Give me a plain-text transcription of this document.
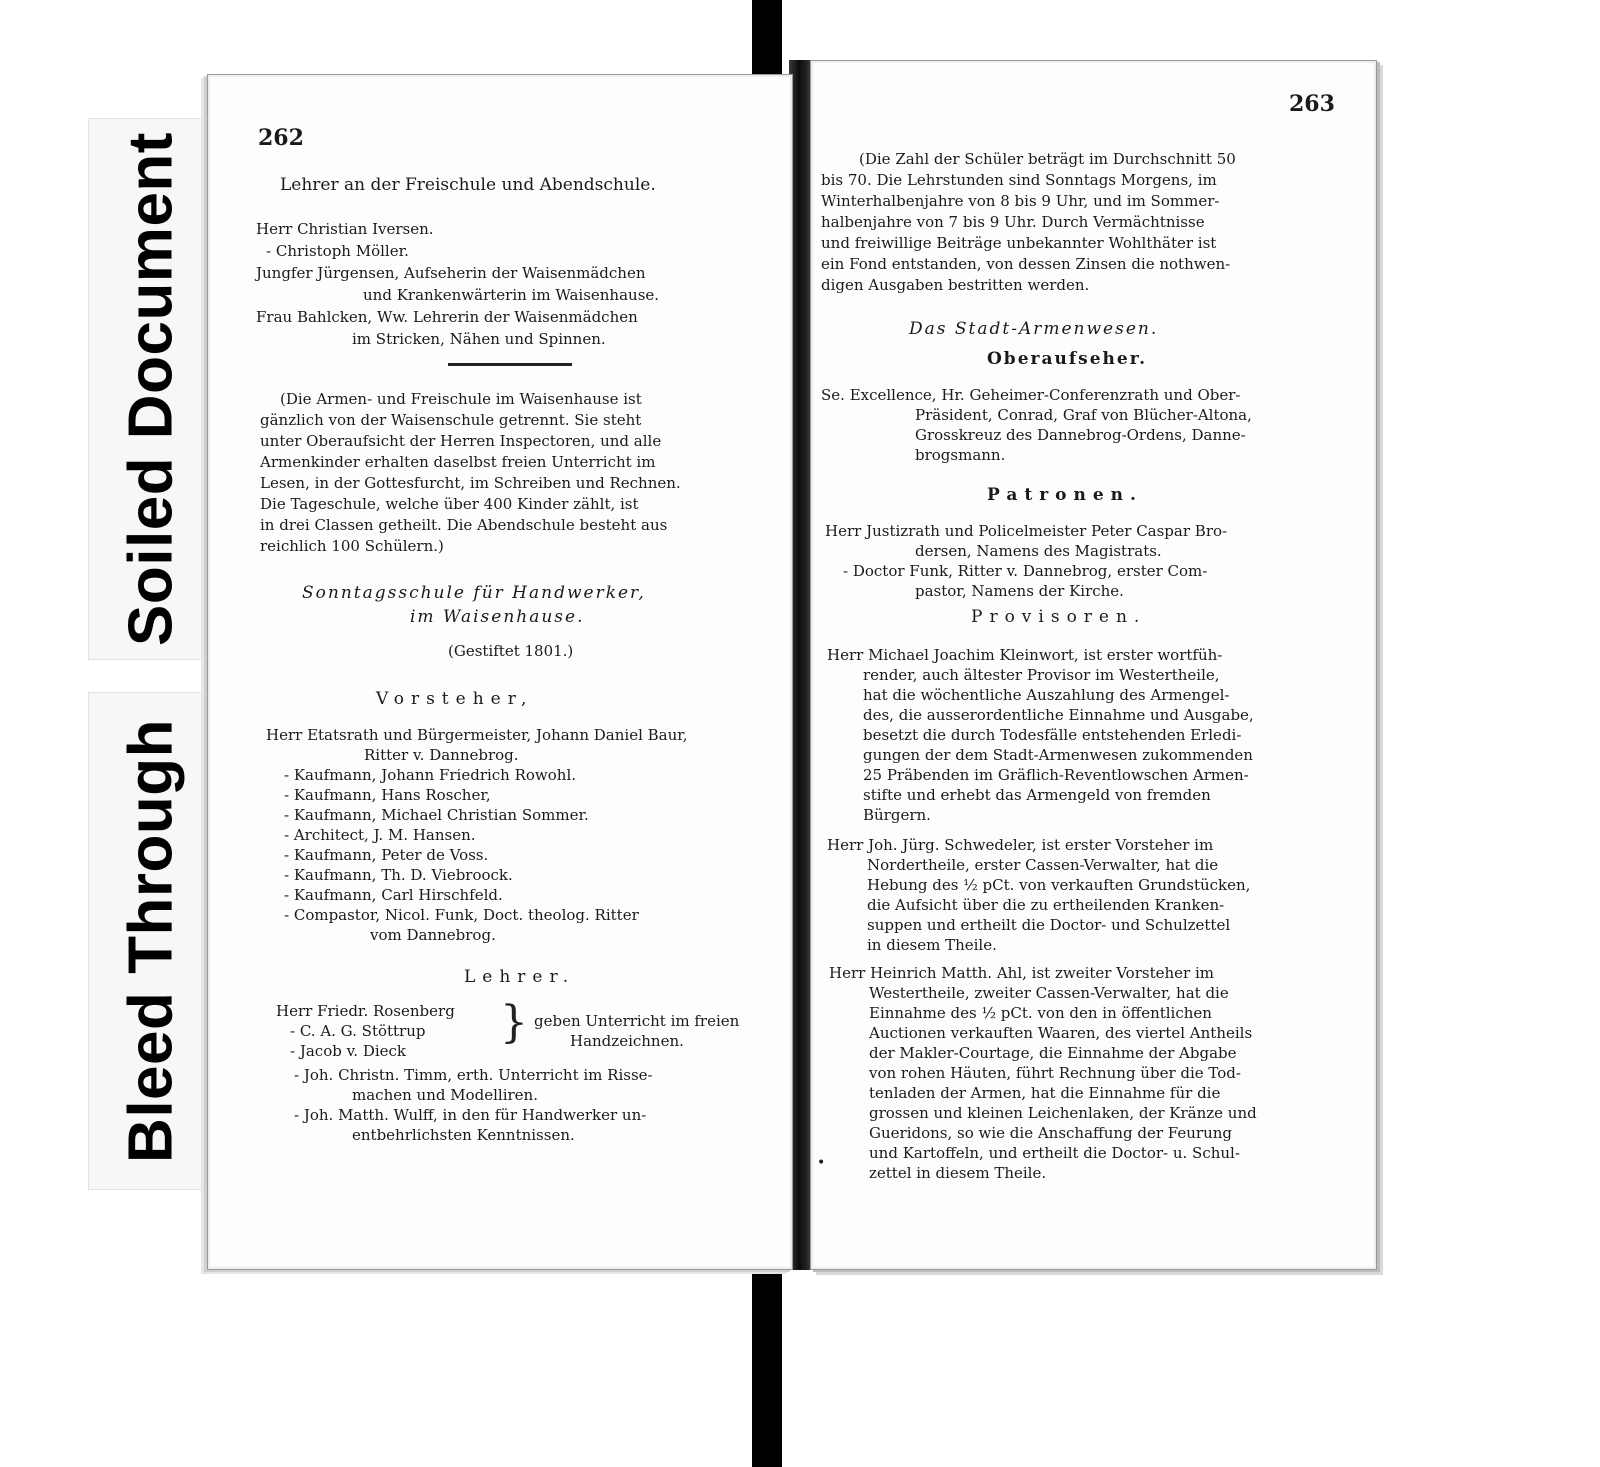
Soiled Document
Bleed Through
262
Lehrer an der Freischule und Abendschule.
Herr Christian Iversen.
- Christoph Möller.
Jungfer Jürgensen, Aufseherin der Waisenmädchen
und Krankenwärterin im Waisenhause.
Frau Bahlcken, Ww. Lehrerin der Waisenmädchen
im Stricken, Nähen und Spinnen.
(Die Armen- und Freischule im Waisenhause ist
gänzlich von der Waisenschule getrennt. Sie steht
unter Oberaufsicht der Herren Inspectoren, und alle
Armenkinder erhalten daselbst freien Unterricht im
Lesen, in der Gottesfurcht, im Schreiben und Rechnen.
Die Tageschule, welche über 400 Kinder zählt, ist
in drei Classen getheilt. Die Abendschule besteht aus
reichlich 100 Schülern.)
Sonntagsschule für Handwerker,
im Waisenhause.
(Gestiftet 1801.)
Vorsteher,
Herr Etatsrath und Bürgermeister, Johann Daniel Baur,
Ritter v. Dannebrog.
- Kaufmann, Johann Friedrich Rowohl.
- Kaufmann, Hans Roscher,
- Kaufmann, Michael Christian Sommer.
- Architect, J. M. Hansen.
- Kaufmann, Peter de Voss.
- Kaufmann, Th. D. Viebroock.
- Kaufmann, Carl Hirschfeld.
- Compastor, Nicol. Funk, Doct. theolog. Ritter
vom Dannebrog.
Lehrer.
Herr Friedr. Rosenberg
- C. A. G. Stöttrup
- Jacob v. Dieck
} geben Unterricht im freien
Handzeichnen.
- Joh. Christn. Timm, erth. Unterricht im Risse-
machen und Modelliren.
- Joh. Matth. Wulff, in den für Handwerker un-
entbehrlichsten Kenntnissen.
263
(Die Zahl der Schüler beträgt im Durchschnitt 50
bis 70. Die Lehrstunden sind Sonntags Morgens, im
Winterhalbenjahre von 8 bis 9 Uhr, und im Sommer-
halbenjahre von 7 bis 9 Uhr. Durch Vermächtnisse
und freiwillige Beiträge unbekannter Wohlthäter ist
ein Fond entstanden, von dessen Zinsen die nothwen-
digen Ausgaben bestritten werden.
Das Stadt-Armenwesen.
Oberaufseher.
Se. Excellence, Hr. Geheimer-Conferenzrath und Ober-
Präsident, Conrad, Graf von Blücher-Altona,
Grosskreuz des Dannebrog-Ordens, Danne-
brogsmann.
Patronen.
Herr Justizrath und Policelmeister Peter Caspar Bro-
dersen, Namens des Magistrats.
- Doctor Funk, Ritter v. Dannebrog, erster Com-
pastor, Namens der Kirche.
Provisoren.
Herr Michael Joachim Kleinwort, ist erster wortfüh-
render, auch ältester Provisor im Westertheile,
hat die wöchentliche Auszahlung des Armengel-
des, die ausserordentliche Einnahme und Ausgabe,
besetzt die durch Todesfälle entstehenden Erledi-
gungen der dem Stadt-Armenwesen zukommenden
25 Präbenden im Gräflich-Reventlowschen Armen-
stifte und erhebt das Armengeld von fremden
Bürgern.
Herr Joh. Jürg. Schwedeler, ist erster Vorsteher im
Nordertheile, erster Cassen-Verwalter, hat die
Hebung des ½ pCt. von verkauften Grundstücken,
die Aufsicht über die zu ertheilenden Kranken-
suppen und ertheilt die Doctor- und Schulzettel
in diesem Theile.
Herr Heinrich Matth. Ahl, ist zweiter Vorsteher im
Westertheile, zweiter Cassen-Verwalter, hat die
Einnahme des ½ pCt. von den in öffentlichen
Auctionen verkauften Waaren, des viertel Antheils
der Makler-Courtage, die Einnahme der Abgabe
von rohen Häuten, führt Rechnung über die Tod-
tenladen der Armen, hat die Einnahme für die
grossen und kleinen Leichenlaken, der Kränze und
Gueridons, so wie die Anschaffung der Feurung
und Kartoffeln, und ertheilt die Doctor- u. Schul-
zettel in diesem Theile.
•
